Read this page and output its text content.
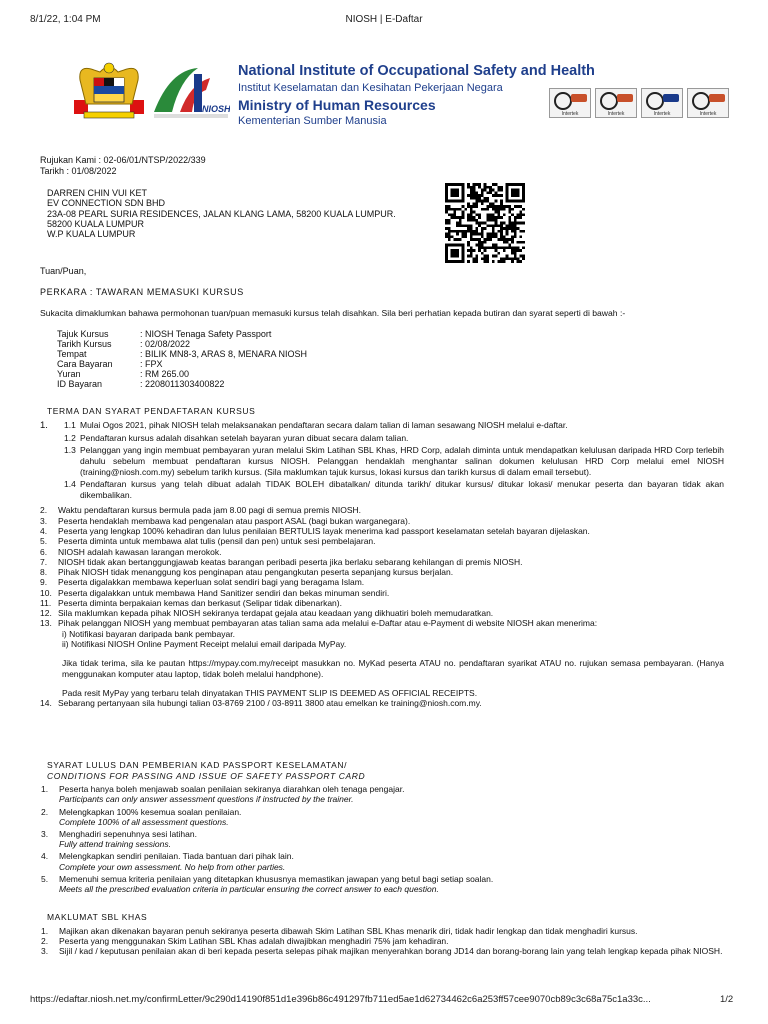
8/1/22, 1:04 PM	NIOSH | E-Daftar
NIOSH
National Institute of Occupational Safety and Health
Institut Keselamatan dan Kesihatan Pekerjaan Negara
Ministry of Human Resources
Kementerian Sumber Manusia
Intertek	Intertek	Intertek	Intertek
Rujukan Kami : 02-06/01/NTSP/2022/339
Tarikh : 01/08/2022
DARREN CHIN VUI KET
EV CONNECTION SDN BHD
23A-08 PEARL SURIA RESIDENCES, JALAN KLANG LAMA, 58200 KUALA LUMPUR.
58200 KUALA LUMPUR
W.P KUALA LUMPUR
Tuan/Puan,
PERKARA : TAWARAN MEMASUKI KURSUS
Sukacita dimaklumkan bahawa permohonan tuan/puan memasuki kursus telah disahkan. Sila beri perhatian kepada butiran dan syarat seperti di bawah :-
Tajuk Kursus	: NIOSH Tenaga Safety Passport
Tarikh Kursus	: 02/08/2022
Tempat	: BILIK MN8-3, ARAS 8, MENARA NIOSH
Cara Bayaran	: FPX
Yuran	: RM 265.00
ID Bayaran	: 2208011303400822
TERMA DAN SYARAT PENDAFTARAN KURSUS
1.	1.1 Mulai Ogos 2021, pihak NIOSH telah melaksanakan pendaftaran secara dalam talian di laman sesawang NIOSH melalui e-daftar.
1.2 Pendaftaran kursus adalah disahkan setelah bayaran yuran dibuat secara dalam talian.
1.3 Pelanggan yang ingin membuat pembayaran yuran melalui Skim Latihan SBL Khas, HRD Corp, adalah diminta untuk mendapatkan kelulusan daripada HRD Corp terlebih dahulu sebelum membuat pendaftaran kursus NIOSH. Pelanggan hendaklah menghantar salinan dokumen kelulusan HRD Corp melalui emel NIOSH (training@niosh.com.my) sebelum tarikh kursus. (Sila maklumkan tajuk kursus, lokasi kursus dan tarikh kursus di dalam email tersebut).
1.4 Pendaftaran kursus yang telah dibuat adalah TIDAK BOLEH dibatalkan/ ditunda tarikh/ ditukar kursus/ ditukar lokasi/ menukar peserta dan bayaran tidak akan dikembalikan.
2. Waktu pendaftaran kursus bermula pada jam 8.00 pagi di semua premis NIOSH.
3. Peserta hendaklah membawa kad pengenalan atau pasport ASAL (bagi bukan warganegara).
4. Peserta yang lengkap 100% kehadiran dan lulus penilaian BERTULIS layak menerima kad passport keselamatan setelah bayaran dijelaskan.
5. Peserta diminta untuk membawa alat tulis (pensil dan pen) untuk sesi pembelajaran.
6. NIOSH adalah kawasan larangan merokok.
7. NIOSH tidak akan bertanggungjawab keatas barangan peribadi peserta jika berlaku sebarang kehilangan di premis NIOSH.
8. Pihak NIOSH tidak menanggung kos penginapan atau pengangkutan peserta sepanjang kursus berjalan.
9. Peserta digalakkan membawa keperluan solat sendiri bagi yang beragama Islam.
10. Peserta digalakkan untuk membawa Hand Sanitizer sendiri dan bekas minuman sendiri.
11. Peserta diminta berpakaian kemas dan berkasut (Selipar tidak dibenarkan).
12. Sila maklumkan kepada pihak NIOSH sekiranya terdapat gejala atau keadaan yang dikhuatiri boleh memudaratkan.
13. Pihak pelanggan NIOSH yang membuat pembayaran atas talian sama ada melalui e-Daftar atau e-Payment di website NIOSH akan menerima:
i) Notifikasi bayaran daripada bank pembayar.
ii) Notifikasi NIOSH Online Payment Receipt melalui email daripada MyPay.
Jika tidak terima, sila ke pautan https://mypay.com.my/receipt masukkan no. MyKad peserta ATAU no. pendaftaran syarikat ATAU no. rujukan semasa pembayaran. (Hanya menggunakan komputer atau laptop, tidak boleh melalui handphone).
Pada resit MyPay yang terbaru telah dinyatakan THIS PAYMENT SLIP IS DEEMED AS OFFICIAL RECEIPTS.
14. Sebarang pertanyaan sila hubungi talian 03-8769 2100 / 03-8911 3800 atau emelkan ke training@niosh.com.my.
SYARAT LULUS DAN PEMBERIAN KAD PASSPORT KESELAMATAN/
CONDITIONS FOR PASSING AND ISSUE OF SAFETY PASSPORT CARD
1. Peserta hanya boleh menjawab soalan penilaian sekiranya diarahkan oleh tenaga pengajar.
Participants can only answer assessment questions if instructed by the trainer.
2. Melengkapkan 100% kesemua soalan penilaian.
Complete 100% of all assessment questions.
3. Menghadiri sepenuhnya sesi latihan.
Fully attend training sessions.
4. Melengkapkan sendiri penilaian. Tiada bantuan dari pihak lain.
Complete your own assessment. No help from other parties.
5. Memenuhi semua kriteria penilaian yang ditetapkan khususnya memastikan jawapan yang betul bagi setiap soalan.
Meets all the prescribed evaluation criteria in particular ensuring the correct answer to each question.
MAKLUMAT SBL KHAS
1. Majikan akan dikenakan bayaran penuh sekiranya peserta dibawah Skim Latihan SBL Khas menarik diri, tidak hadir lengkap dan tidak menghadiri kursus.
2. Peserta yang menggunakan Skim Latihan SBL Khas adalah diwajibkan menghadiri 75% jam kehadiran.
3.	Sijil / kad / keputusan penilaian akan di beri kepada peserta selepas pihak majikan menyerahkan borang JD14 dan borang-borang lain yang telah lengkap kepada pihak NIOSH.
https://edaftar.niosh.net.my/confirmLetter/9c290d14190f851d1e396b86c491297fb711ed5ae1d62734462c6a253ff57cee9070cb89c3c68a75c1a33c...	1/2
